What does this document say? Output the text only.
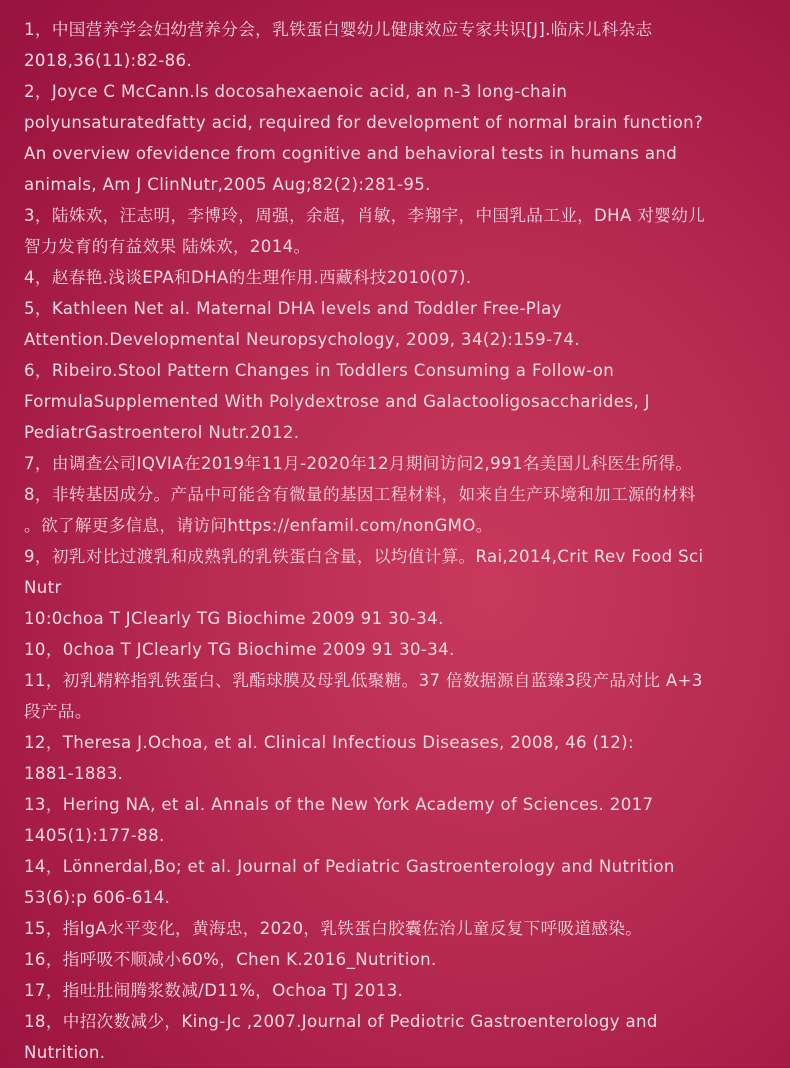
1，中国营养学会妇幼营养分会，乳铁蛋白婴幼儿健康效应专家共识[J].临床儿科杂志

2018,36(11):82-86.

2，Joyce C McCann.ls docosahexaenoic acid, an n-3 long-chain

polyunsaturatedfatty acid, required for development of normal brain function?

An overview ofevidence from cognitive and behavioral tests in humans and

animals, Am J ClinNutr,2005 Aug;82(2):281-95.

3，陆姝欢，汪志明，李博玲，周强，余超，肖敏，李翔宇，中国乳品工业，DHA 对婴幼儿

智力发育的有益效果 陆姝欢，2014。

4，赵春艳.浅谈EPA和DHA的生理作用.西藏科技2010(07).

5，Kathleen Net al. Maternal DHA levels and Toddler Free-Play

Attention.Developmental Neuropsychology, 2009, 34(2):159-74.

6，Ribeiro.Stool Pattern Changes in Toddlers Consuming a Follow-on

FormulaSupplemented With Polydextrose and Galactooligosaccharides, J

PediatrGastroenterol Nutr.2012.

7，由调查公司IQVIA在2019年11月-2020年12月期间访问2,991名美国儿科医生所得。

8，非转基因成分。产品中可能含有微量的基因工程材料，如来自生产环境和加工源的材料

。欲了解更多信息，请访问https://enfamil.com/nonGMO。

9，初乳对比过渡乳和成熟乳的乳铁蛋白含量，以均值计算。Rai,2014,Crit Rev Food Sci

Nutr

10:0choa T JClearly TG Biochime 2009 91 30-34.

10，0choa T JClearly TG Biochime 2009 91 30-34.

11，初乳精粹指乳铁蛋白、乳酯球膜及母乳低聚糖。37 倍数据源自蓝臻3段产品对比 A+3

段产品。

12，Theresa J.Ochoa, et al. Clinical Infectious Diseases, 2008, 46 (12):

1881-1883.

13，Hering NA, et al. Annals of the New York Academy of Sciences. 2017

1405(1):177-88.

14，Lönnerdal,Bo; et al. Journal of Pediatric Gastroenterology and Nutrition

53(6):p 606-614.

15，指lgA水平变化，黄海忠，2020，乳铁蛋白胶囊佐治儿童反复下呼吸道感染。

16，指呼吸不顺减小60%，Chen K.2016_Nutrition.

17，指吐肚闹腾浆数减/D11%，Ochoa TJ 2013.

18，中招次数减少，King-Jc ,2007.Journal of Pediotric Gastroenterology and

Nutrition.
